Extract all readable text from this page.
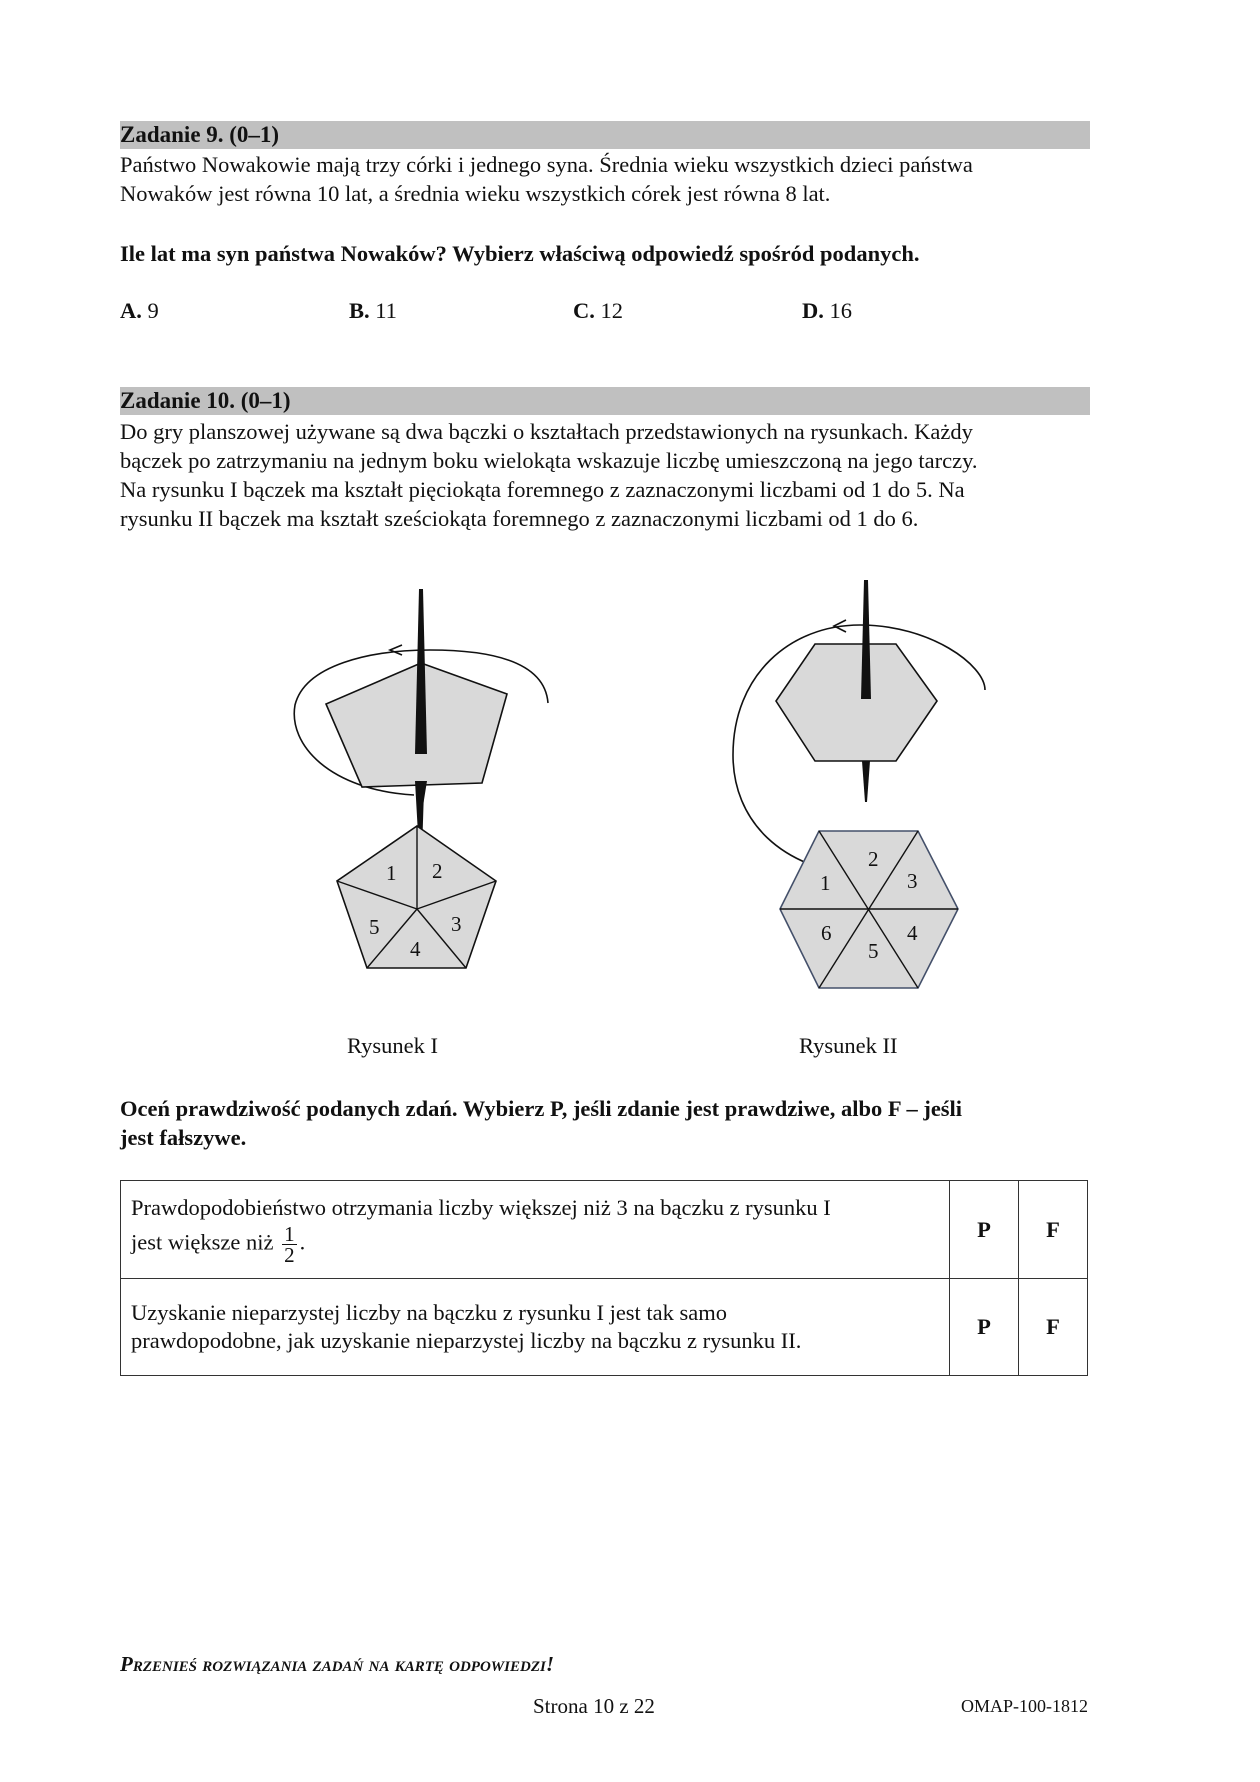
Zadanie 9. (0–1)
Państwo Nowakowie mają trzy córki i jednego syna. Średnia wieku wszystkich dzieci państwa
Nowaków jest równa 10 lat, a średnia wieku wszystkich córek jest równa 8 lat.
Ile lat ma syn państwa Nowaków? Wybierz właściwą odpowiedź spośród podanych.
A. 9	B. 11	C. 12	D. 16
Zadanie 10. (0–1)
Do gry planszowej używane są dwa bączki o kształtach przedstawionych na rysunkach. Każdy
bączek po zatrzymaniu na jednym boku wielokąta wskazuje liczbę umieszczoną na jego tarczy.
Na rysunku I bączek ma kształt pięciokąta foremnego z zaznaczonymi liczbami od 1 do 5. Na
rysunku II bączek ma kształt sześciokąta foremnego z zaznaczonymi liczbami od 1 do 6.
1 2
3
4
5
1
2
3
4
5
6
Rysunek I	Rysunek II
Oceń prawdziwość podanych zdań. Wybierz P, jeśli zdanie jest prawdziwe, albo F – jeśli
jest fałszywe.
Prawdopodobieństwo otrzymania liczby większej niż 3 na bączku z rysunku I
jest większe niż $\frac{1}{2}$ .	P	F

Uzyskanie nieparzystej liczby na bączku z rysunku I jest tak samo
prawdopodobne, jak uzyskanie nieparzystej liczby na bączku z rysunku II.	P	F
Przenieś rozwiązania zadań na kartę odpowiedzi!
Strona 10 z 22	OMAP-100-1812
